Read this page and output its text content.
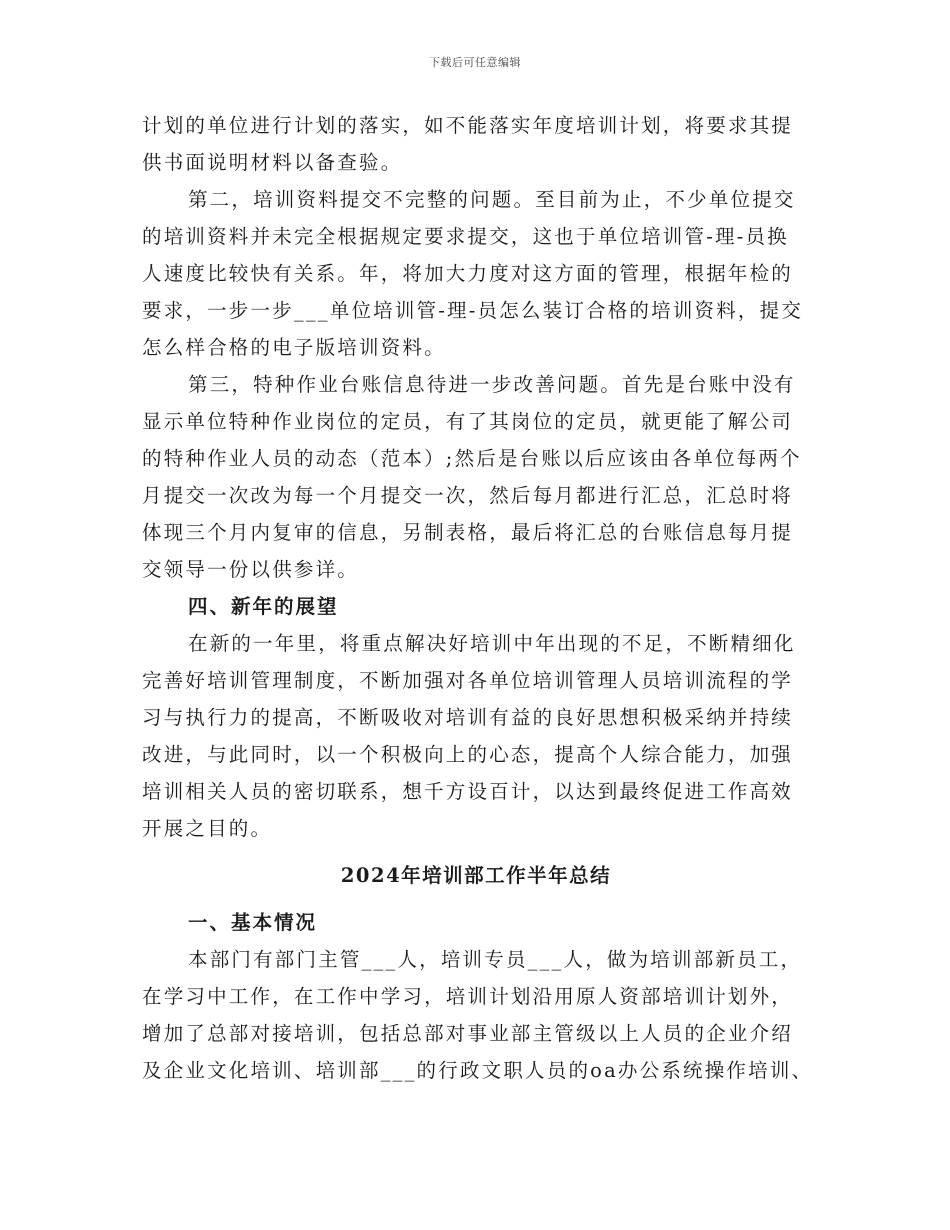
下载后可任意编辑

计划的单位进行计划的落实，如不能落实年度培训计划，将要求其提
供书面说明材料以备查验。

第二，培训资料提交不完整的问题。至目前为止，不少单位提交
的培训资料并未完全根据规定要求提交，这也于单位培训管-理-员换
人速度比较快有关系。年，将加大力度对这方面的管理，根据年检的
要求，一步一步___单位培训管-理-员怎么装订合格的培训资料，提交
怎么样合格的电子版培训资料。

第三，特种作业台账信息待进一步改善问题。首先是台账中没有
显示单位特种作业岗位的定员，有了其岗位的定员，就更能了解公司
的特种作业人员的动态（范本）;然后是台账以后应该由各单位每两个
月提交一次改为每一个月提交一次，然后每月都进行汇总，汇总时将
体现三个月内复审的信息，另制表格，最后将汇总的台账信息每月提
交领导一份以供参详。

四、新年的展望

在新的一年里，将重点解决好培训中年出现的不足，不断精细化
完善好培训管理制度，不断加强对各单位培训管理人员培训流程的学
习与执行力的提高，不断吸收对培训有益的良好思想积极采纳并持续
改进，与此同时，以一个积极向上的心态，提高个人综合能力，加强
培训相关人员的密切联系，想千方设百计，以达到最终促进工作高效
开展之目的。

2024年培训部工作半年总结
一、基本情况

本部门有部门主管___人，培训专员___人，做为培训部新员工，
在学习中工作，在工作中学习，培训计划沿用原人资部培训计划外，
增加了总部对接培训，包括总部对事业部主管级以上人员的企业介绍
及企业文化培训、培训部___的行政文职人员的oa办公系统操作培训、
